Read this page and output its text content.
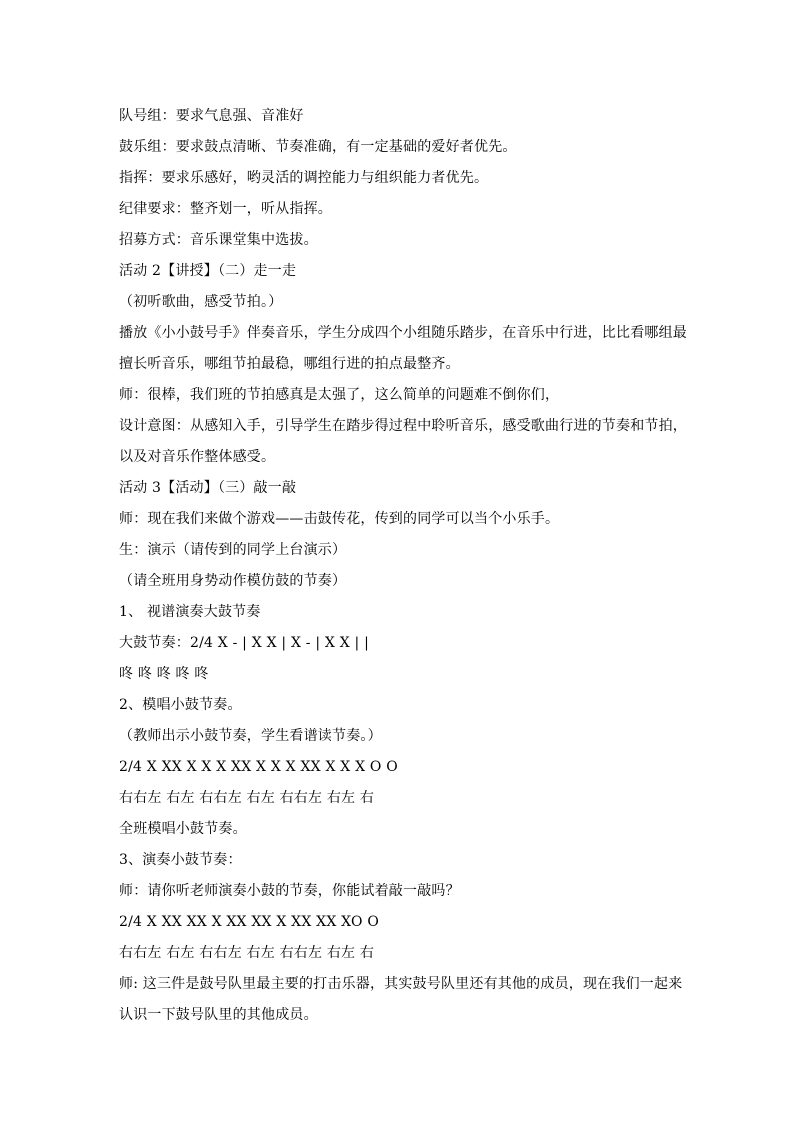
队号组：要求气息强、音准好
鼓乐组：要求鼓点清晰、节奏准确，有一定基础的爱好者优先。
指挥：要求乐感好，哟灵活的调控能力与组织能力者优先。
纪律要求：整齐划一，听从指挥。
招募方式：音乐课堂集中选拔。
活动 2【讲授】（二）走一走
（初听歌曲，感受节拍。）
播放《小小鼓号手》伴奏音乐，学生分成四个小组随乐踏步，在音乐中行进，比比看哪组最
擅长听音乐，哪组节拍最稳，哪组行进的拍点最整齐。
师：很棒，我们班的节拍感真是太强了，这么简单的问题难不倒你们，
设计意图：从感知入手，引导学生在踏步得过程中聆听音乐，感受歌曲行进的节奏和节拍，
以及对音乐作整体感受。
活动 3【活动】（三）敲一敲
师：现在我们来做个游戏——击鼓传花，传到的同学可以当个小乐手。
生：演示（请传到的同学上台演示）
（请全班用身势动作模仿鼓的节奏）
1、 视谱演奏大鼓节奏
大鼓节奏：2/4 X - | X X | X - | X X | |
咚 咚 咚 咚 咚
2、模唱小鼓节奏。
（教师出示小鼓节奏，学生看谱读节奏。）
2/4 X XX X X X XX X X X XX X X X O O
右右左 右左 右右左 右左 右右左 右左 右
全班模唱小鼓节奏。
3、演奏小鼓节奏：
师：请你听老师演奏小鼓的节奏，你能试着敲一敲吗？
2/4 X XX XX X XX XX X XX XX XO O
右右左 右左 右右左 右左 右右左 右左 右
师: 这三件是鼓号队里最主要的打击乐器，其实鼓号队里还有其他的成员，现在我们一起来
认识一下鼓号队里的其他成员。
